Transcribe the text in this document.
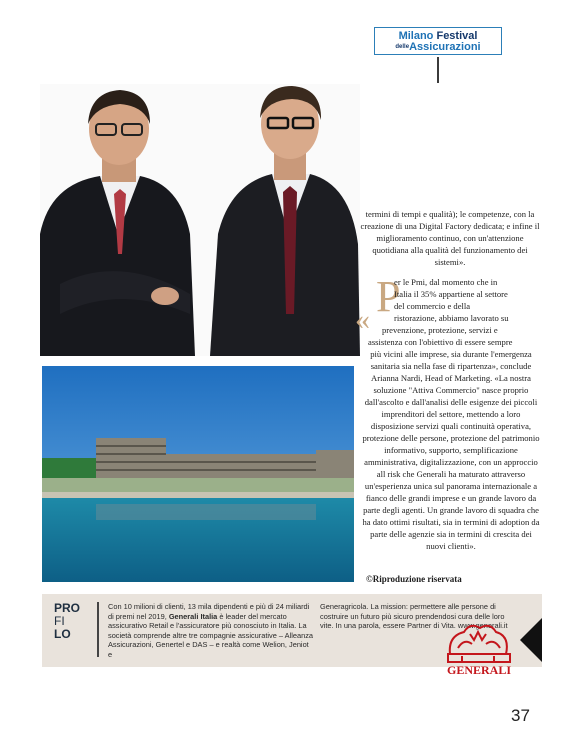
Milano Festival
delleAssicurazioni

termini di tempi e qualità); le competenze, con la creazione di una Digital Factory dedicata; e infine il miglioramento continuo, con un'attenzione quotidiana alla qualità del funzionamento dei sistemi».

P
«

er le Pmi, dal momento che in

Italia il 35% appartiene al settore

del commercio e della

ristorazione, abbiamo lavorato su

prevenzione, protezione, servizi e

assistenza con l'obiettivo di essere sempre

più vicini alle imprese, sia durante l'emergenza sanitaria sia nella fase di ripartenza», conclude Arianna Nardi, Head of Marketing. «La nostra soluzione "Attiva Commercio" nasce proprio dall'ascolto e dall'analisi delle esigenze dei piccoli imprenditori del settore, mettendo a loro disposizione servizi quali continuità operativa, protezione delle persone, protezione del patrimonio informativo, supporto, semplificazione amministrativa, digitalizzazione, con un approccio all risk che Generali ha maturato attraverso un'esperienza unica sul panorama internazionale a fianco delle grandi imprese e un grande lavoro da parte degli agenti. Un grande lavoro di squadra che ha dato ottimi risultati, sia in termini di adoption da parte delle agenzie sia in termini di crescita dei nuovi clienti».

©Riproduzione riservata
PRO
FI
LO
Con 10 milioni di clienti, 13 mila dipendenti e più di 24 miliardi di premi nel 2019, Generali Italia è leader del mercato assicurativo Retail e l'assicuratore più conosciuto in Italia. La società comprende altre tre compagnie assicurative – Alleanza Assicurazioni, Genertel e DAS – e realtà come Welion, Jeniot e
Generagricola. La mission: permettere alle persone di costruire un futuro più sicuro prendendosi cura delle loro vite. In una parola, essere Partner di Vita. www.generali.it
GENERALI
37
